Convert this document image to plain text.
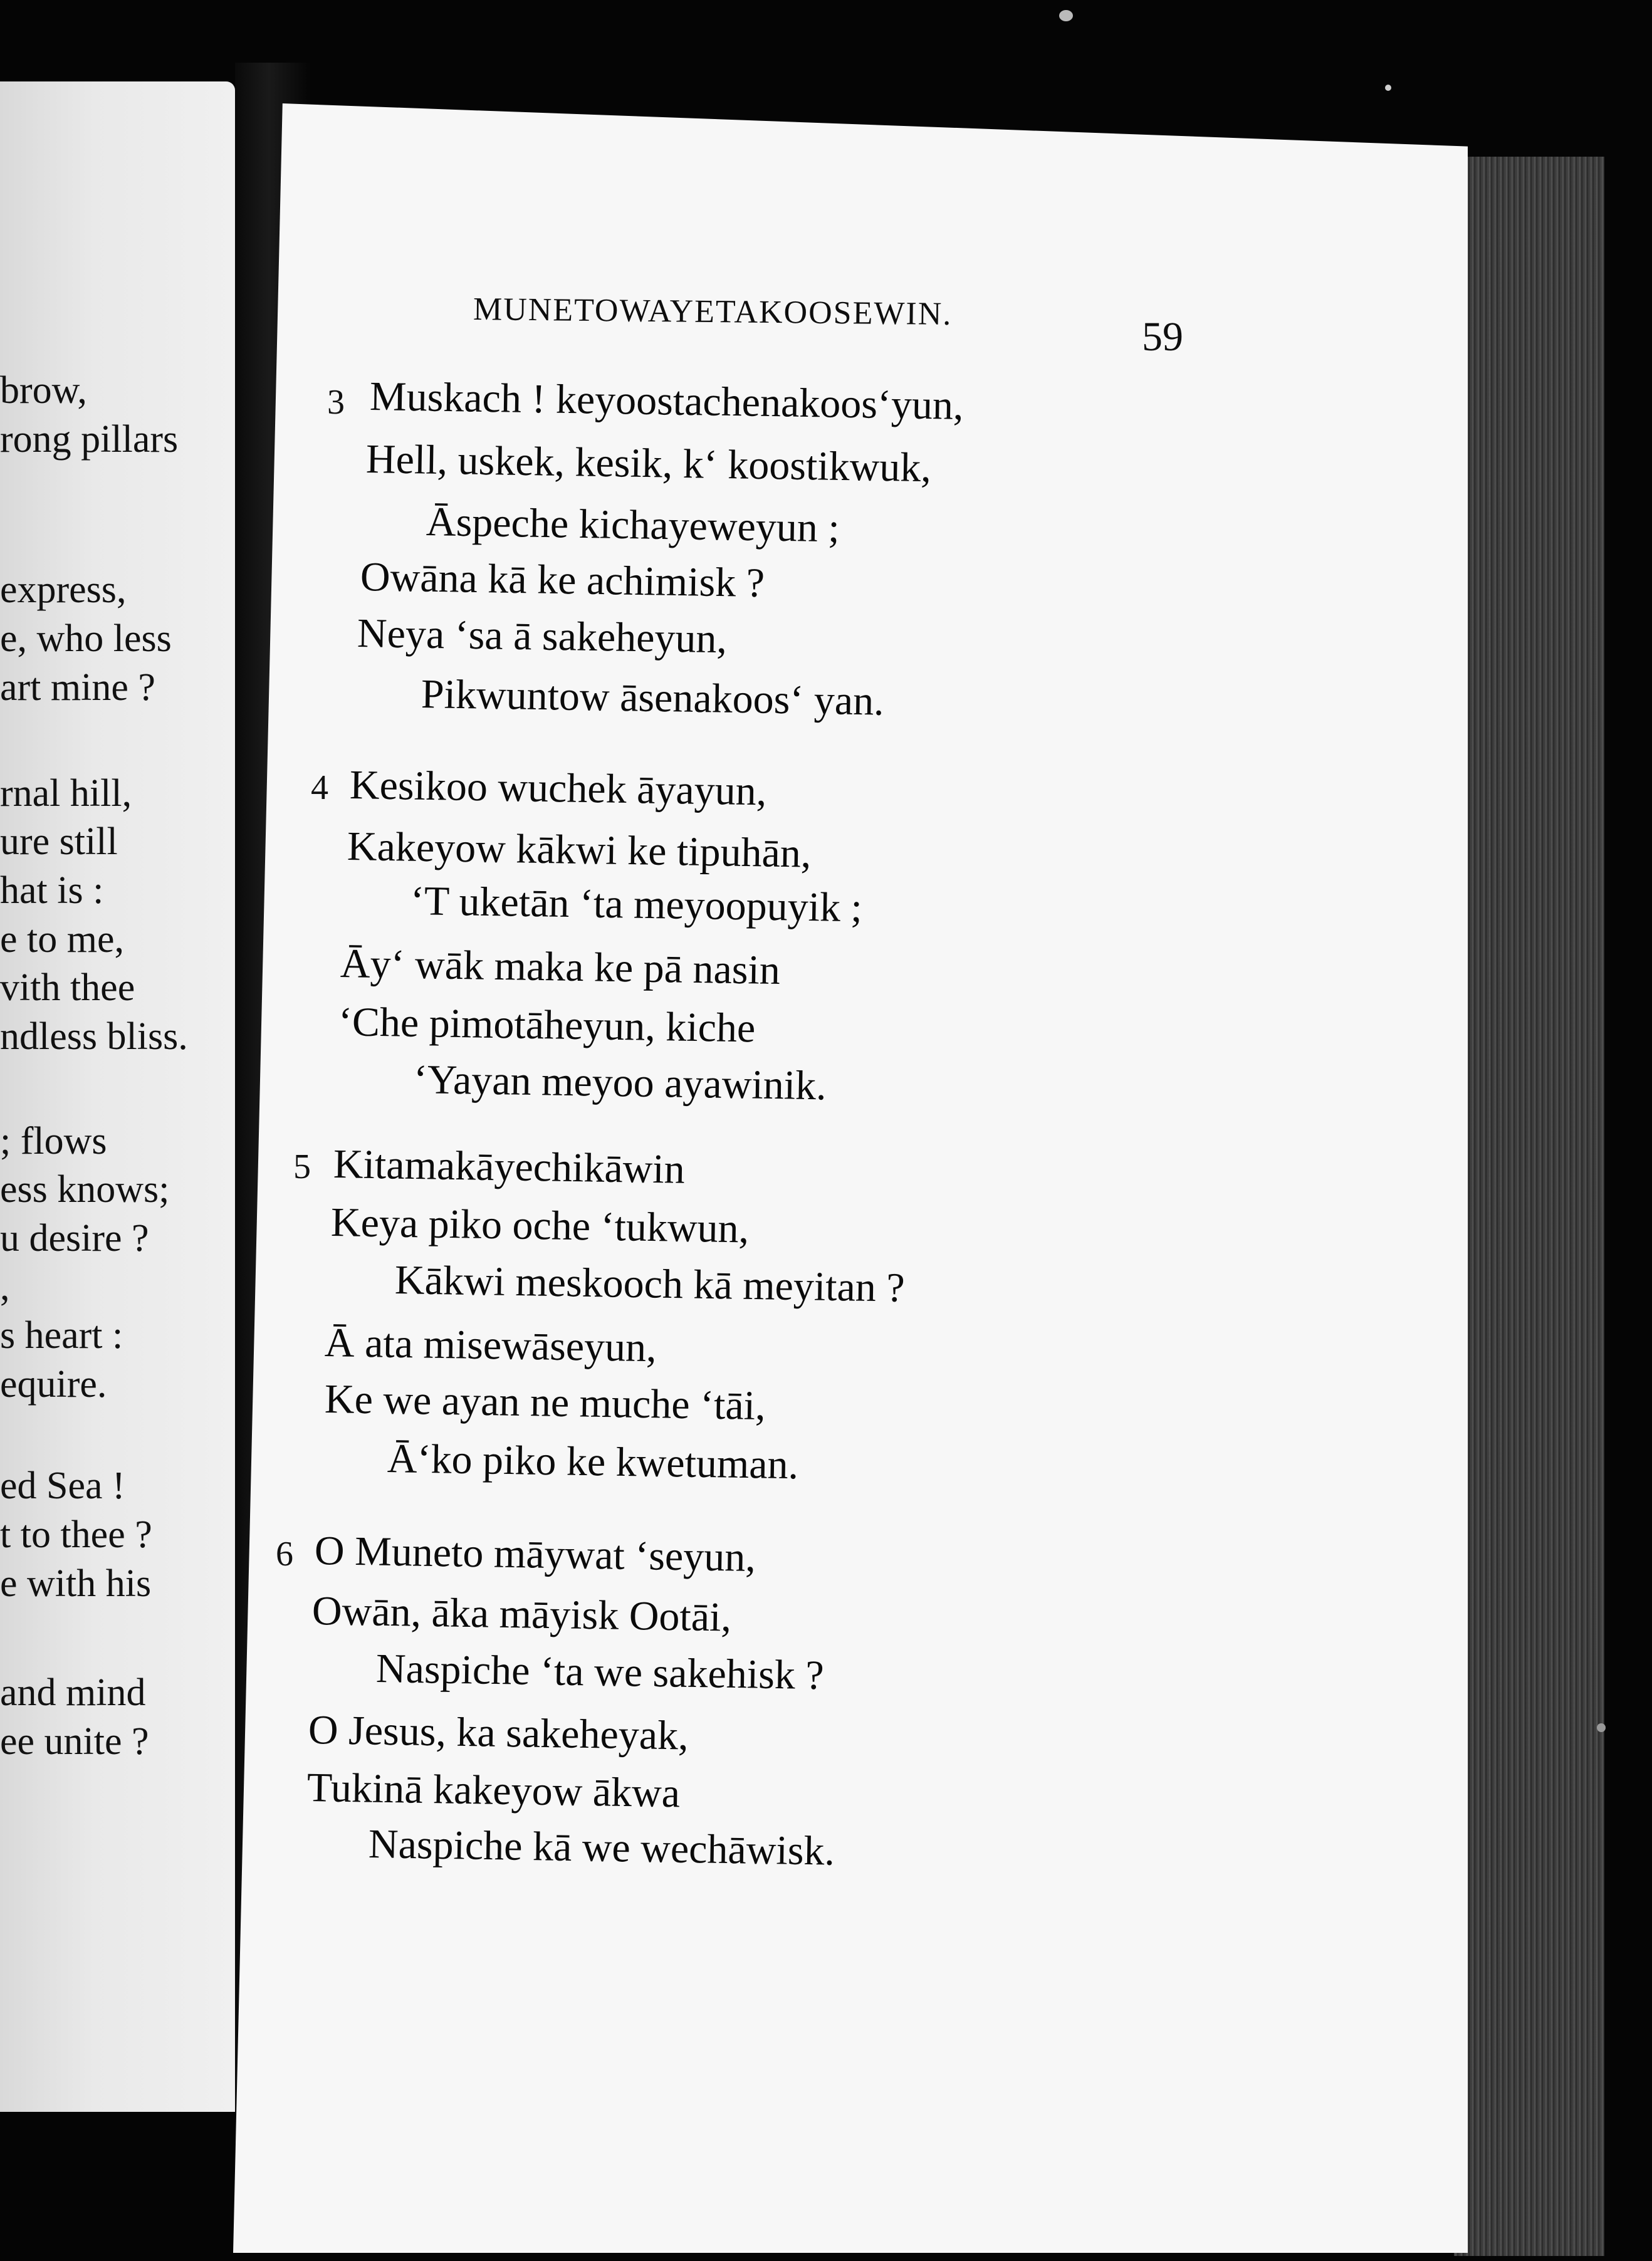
brow,
rong pillars
express,
e, who less
art mine ?
rnal hill,
ure still
hat is :
e to me,
vith thee
ndless bliss.
; flows
ess knows;
u desire ?
,
s heart :
equire.
ed Sea !
t to thee ?
e with his
and mind
ee unite ?
MUNETOWAYETAKOOSEWIN.
59
3 Muskach ! keyoostachenakoos‘yun,
Hell, uskek, kesik, k‘ koostikwuk,
Āspeche kichayeweyun ;
Owāna kā ke achimisk ?
Neya ‘sa ā sakeheyun,
Pikwuntow āsenakoos‘ yan.
4 Kesikoo wuchek āyayun,
Kakeyow kākwi ke tipuhān,
‘T uketān ‘ta meyoopuyik ;
Āy‘ wāk maka ke pā nasin
‘Che pimotāheyun, kiche
‘Yayan meyoo ayawinik.
5 Kitamakāyechikāwin
Keya piko oche ‘tukwun,
Kākwi meskooch kā meyitan ?
Ā ata misewāseyun,
Ke we ayan ne muche ‘tāi,
Ā‘ko piko ke kwetuman.
6 O Muneto māywat ‘seyun,
Owān, āka māyisk Ootāi,
Naspiche ‘ta we sakehisk ?
O Jesus, ka sakeheyak,
Tukinā kakeyow ākwa
Naspiche kā we wechāwisk.
